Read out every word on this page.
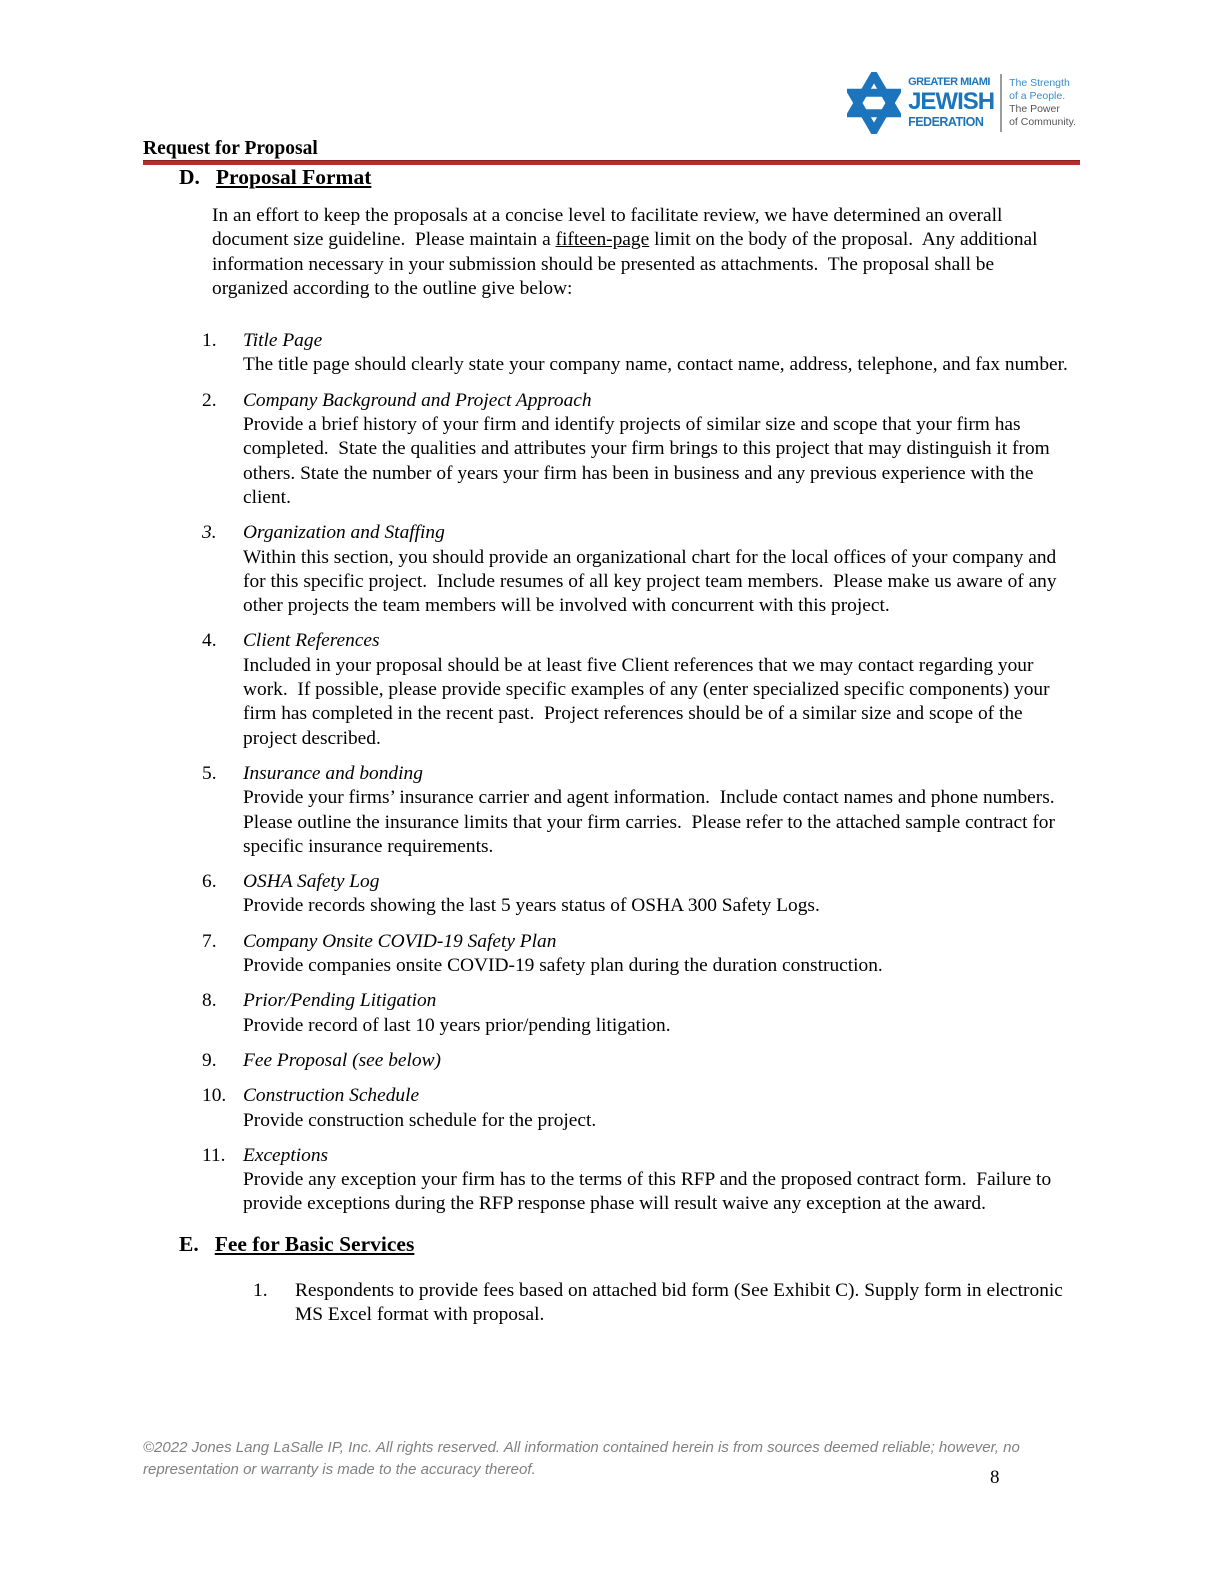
GREATER MIAMI
JEWISH
FEDERATION
The Strength
of a People.
The Power
of Community.
Request for Proposal
D. Proposal Format

In an effort to keep the proposals at a concise level to facilitate review, we have determined an overall document size guideline.  Please maintain a fifteen-page limit on the body of the proposal.  Any additional information necessary in your submission should be presented as attachments.  The proposal shall be organized according to the outline give below:

1.	Title Page
The title page should clearly state your company name, contact name, address, telephone, and fax number.
2.	Company Background and Project Approach
Provide a brief history of your firm and identify projects of similar size and scope that your firm has completed.  State the qualities and attributes your firm brings to this project that may distinguish it from others. State the number of years your firm has been in business and any previous experience with the client.
3.	Organization and Staffing
Within this section, you should provide an organizational chart for the local offices of your company and for this specific project.  Include resumes of all key project team members.  Please make us aware of any other projects the team members will be involved with concurrent with this project.
4.	Client References
Included in your proposal should be at least five Client references that we may contact regarding your work.  If possible, please provide specific examples of any (enter specialized specific components) your firm has completed in the recent past.  Project references should be of a similar size and scope of the project described.
5.	Insurance and bonding
Provide your firms’ insurance carrier and agent information.  Include contact names and phone numbers.  Please outline the insurance limits that your firm carries.  Please refer to the attached sample contract for specific insurance requirements.
6.	OSHA Safety Log
Provide records showing the last 5 years status of OSHA 300 Safety Logs.
7.	Company Onsite COVID-19 Safety Plan
Provide companies onsite COVID-19 safety plan during the duration construction.
8.	Prior/Pending Litigation
Provide record of last 10 years prior/pending litigation.
9.	Fee Proposal (see below)
10. Construction Schedule
Provide construction schedule for the project.
11. Exceptions
Provide any exception your firm has to the terms of this RFP and the proposed contract form.  Failure to provide exceptions during the RFP response phase will result waive any exception at the award.
E. Fee for Basic Services
1.	Respondents to provide fees based on attached bid form (See Exhibit C). Supply form in electronic MS Excel format with proposal.
©2022 Jones Lang LaSalle IP, Inc. All rights reserved. All information contained herein is from sources deemed reliable; however, no representation or warranty is made to the accuracy thereof.	8
